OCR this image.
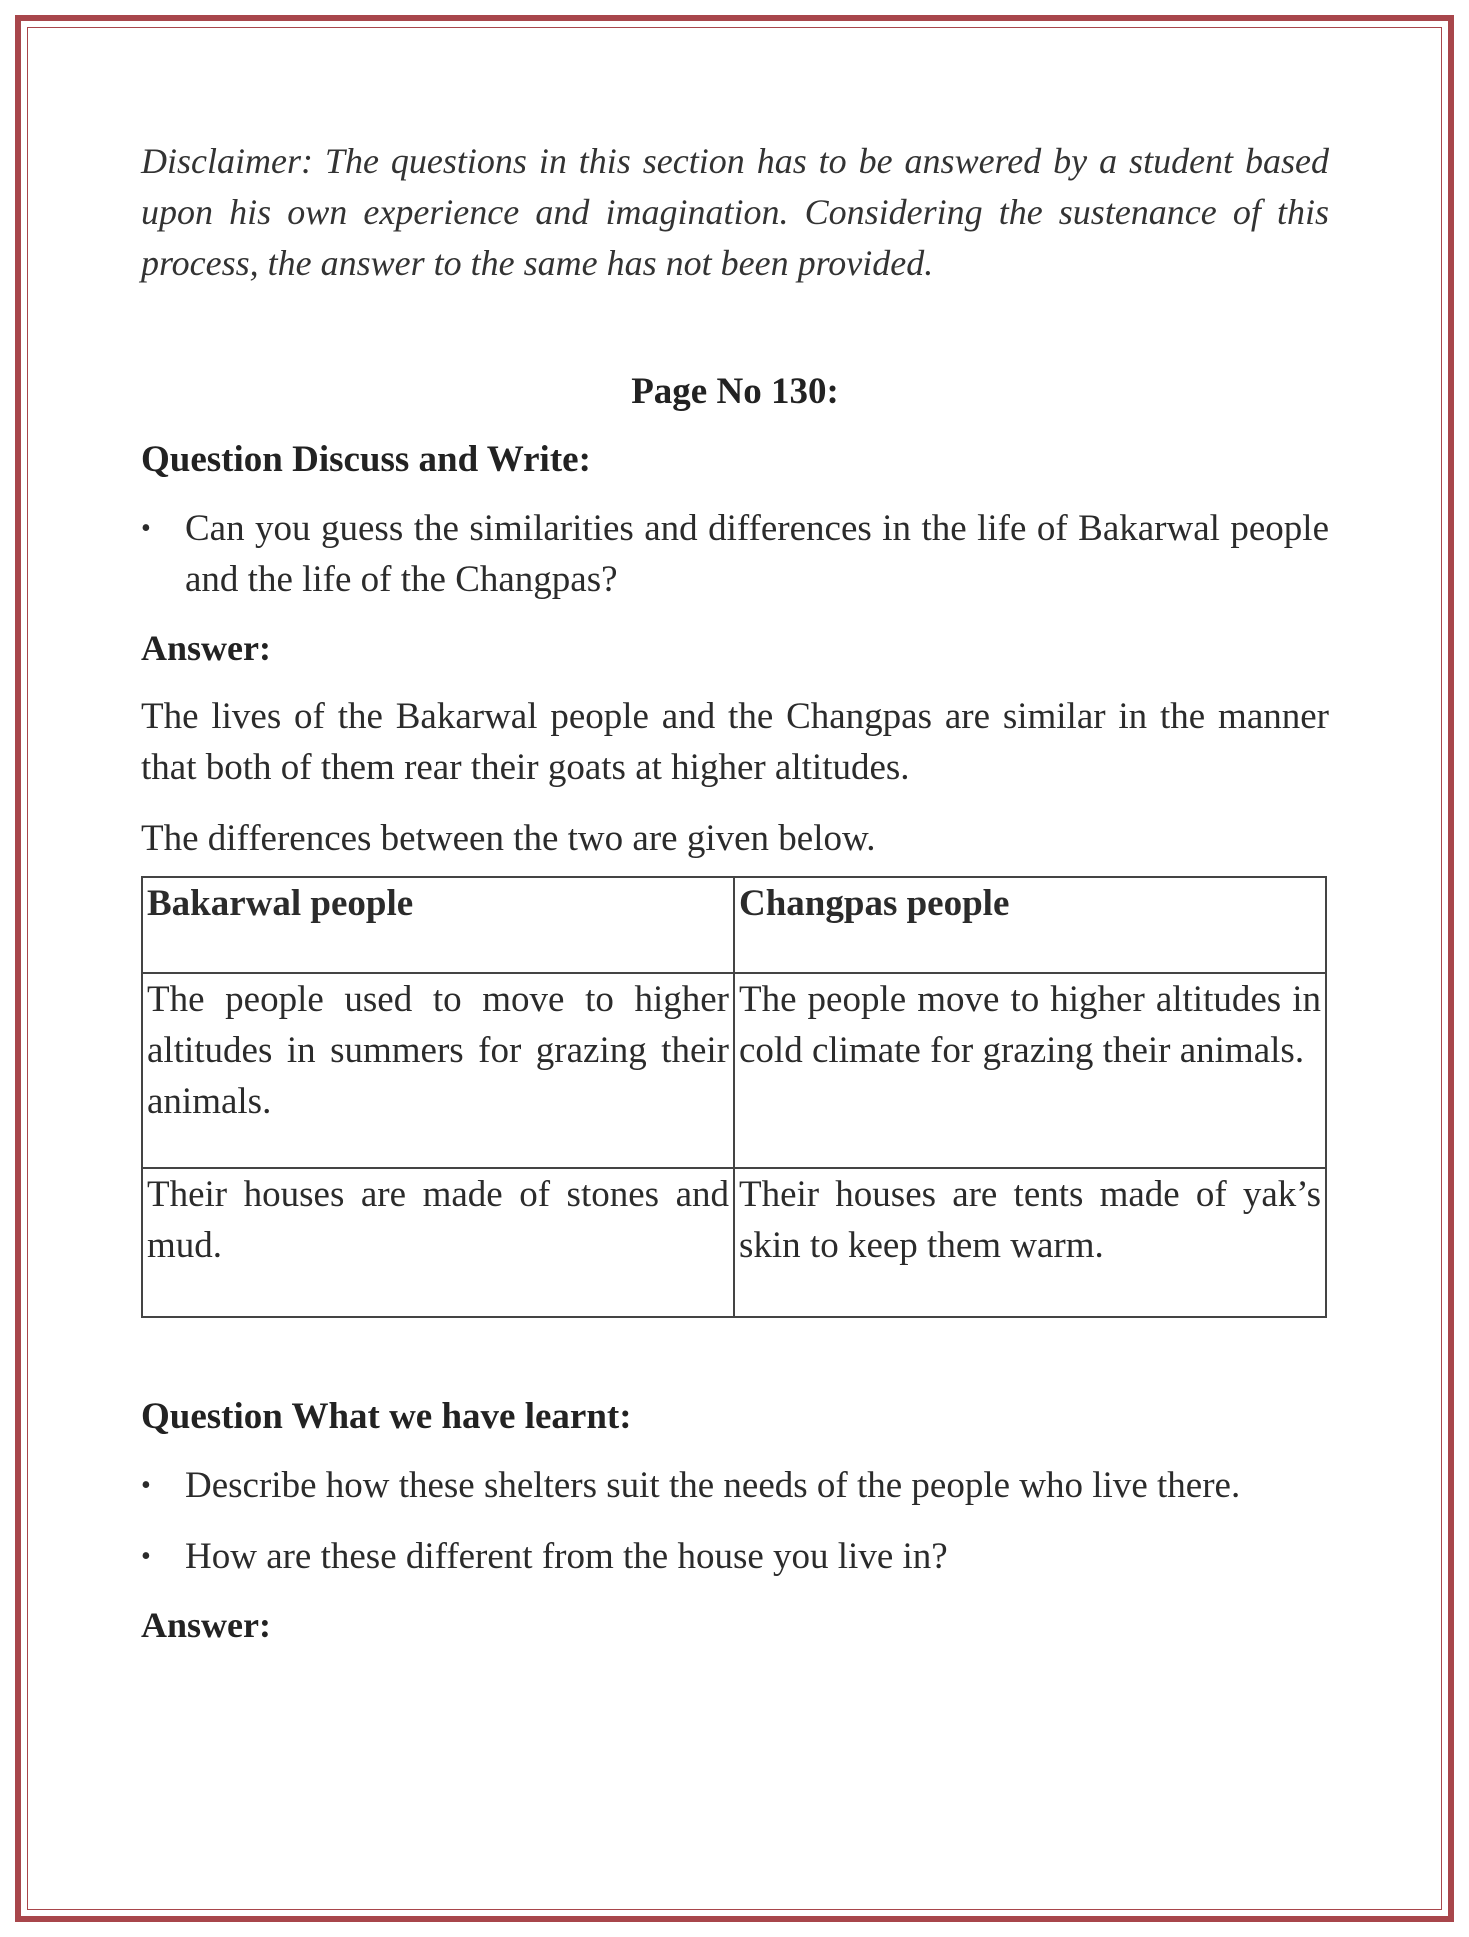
Disclaimer: The questions in this section has to be answered by a student based upon his own experience and imagination. Considering the sustenance of this process, the answer to the same has not been provided.

Page No 130:
Question Discuss and Write:
• Can you guess the similarities and differences in the life of Bakarwal people and the life of the Changpas?
Answer:

The lives of the Bakarwal people and the Changpas are similar in the manner that both of them rear their goats at higher altitudes.

The differences between the two are given below.

Bakarwal people	Changpas people
The people used to move to higher altitudes in summers for grazing their animals.	The people move to higher altitudes in cold climate for grazing their animals.
Their houses are made of stones and mud.	Their houses are tents made of yak’s skin to keep them warm.
Question What we have learnt:
• Describe how these shelters suit the needs of the people who live there.
• How are these different from the house you live in?
Answer:
